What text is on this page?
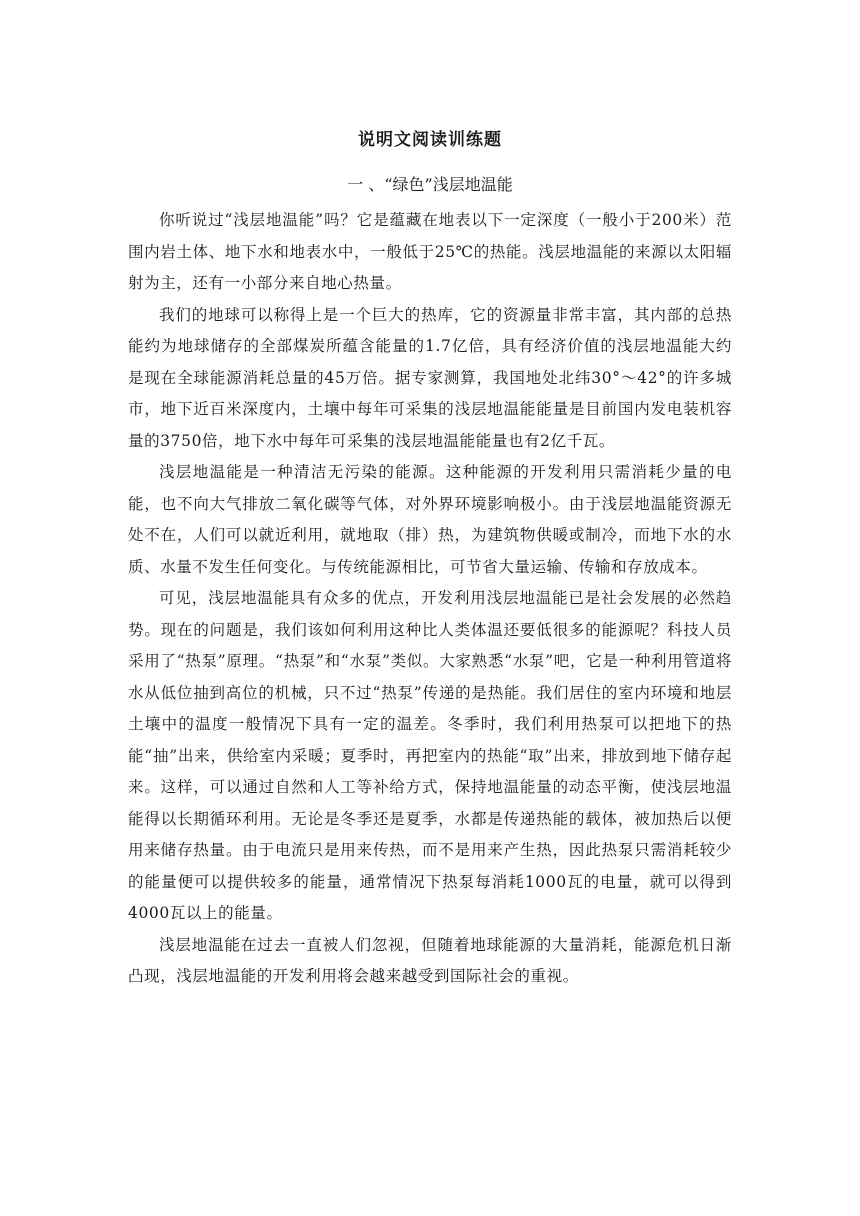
说明文阅读训练题
一 、“绿色”浅层地温能

你听说过“浅层地温能”吗？它是蕴藏在地表以下一定深度（一般小于200米）范围内岩土体、地下水和地表水中，一般低于25℃的热能。浅层地温能的来源以太阳辐射为主，还有一小部分来自地心热量。

我们的地球可以称得上是一个巨大的热库，它的资源量非常丰富，其内部的总热能约为地球储存的全部煤炭所蕴含能量的1.7亿倍，具有经济价值的浅层地温能大约是现在全球能源消耗总量的45万倍。据专家测算，我国地处北纬30°～42°的许多城市，地下近百米深度内，土壤中每年可采集的浅层地温能能量是目前国内发电装机容量的3750倍，地下水中每年可采集的浅层地温能能量也有2亿千瓦。

浅层地温能是一种清洁无污染的能源。这种能源的开发利用只需消耗少量的电能，也不向大气排放二氧化碳等气体，对外界环境影响极小。由于浅层地温能资源无处不在，人们可以就近利用，就地取（排）热，为建筑物供暖或制冷，而地下水的水质、水量不发生任何变化。与传统能源相比，可节省大量运输、传输和存放成本。

可见，浅层地温能具有众多的优点，开发利用浅层地温能已是社会发展的必然趋势。现在的问题是，我们该如何利用这种比人类体温还要低很多的能源呢？科技人员采用了“热泵”原理。“热泵”和“水泵”类似。大家熟悉“水泵”吧，它是一种利用管道将水从低位抽到高位的机械，只不过“热泵”传递的是热能。我们居住的室内环境和地层土壤中的温度一般情况下具有一定的温差。冬季时，我们利用热泵可以把地下的热能“抽”出来，供给室内采暖；夏季时，再把室内的热能“取”出来，排放到地下储存起来。这样，可以通过自然和人工等补给方式，保持地温能量的动态平衡，使浅层地温能得以长期循环利用。无论是冬季还是夏季，水都是传递热能的载体，被加热后以便用来储存热量。由于电流只是用来传热，而不是用来产生热，因此热泵只需消耗较少的能量便可以提供较多的能量，通常情况下热泵每消耗1000瓦的电量，就可以得到4000瓦以上的能量。

浅层地温能在过去一直被人们忽视，但随着地球能源的大量消耗，能源危机日渐凸现，浅层地温能的开发利用将会越来越受到国际社会的重视。
